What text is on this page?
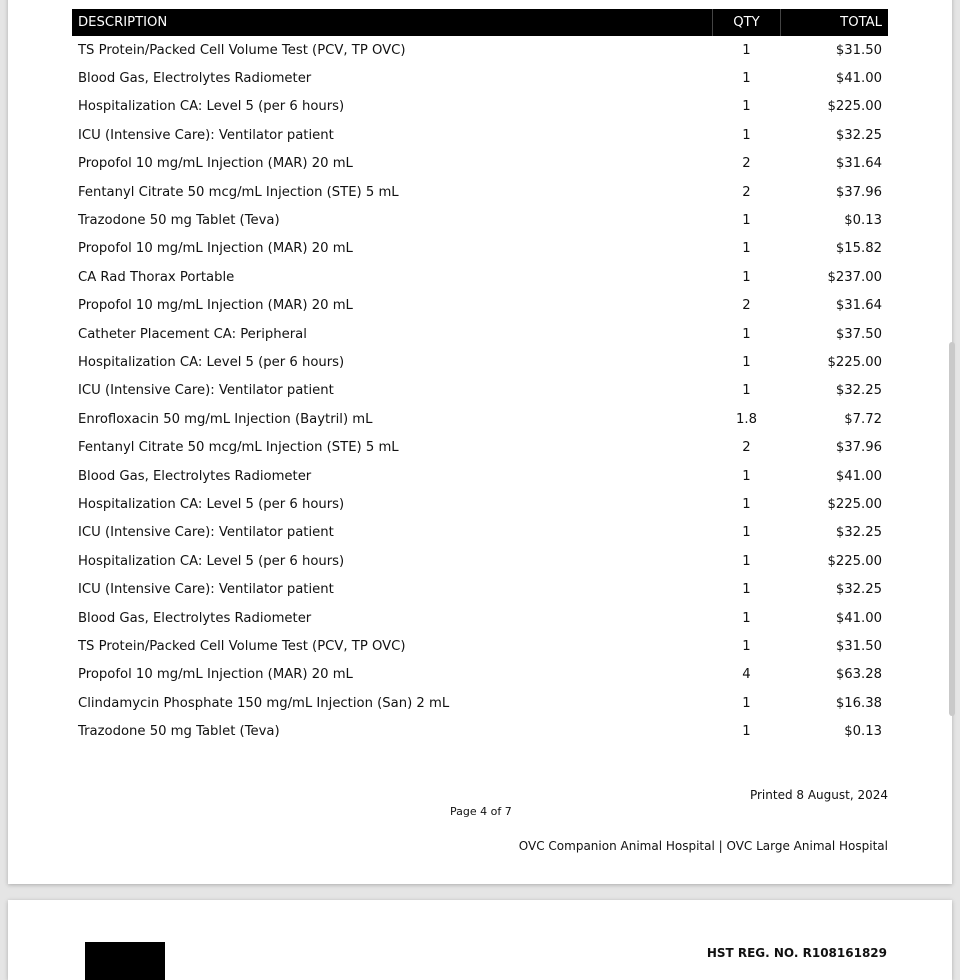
DESCRIPTION	QTY	TOTAL
TS Protein/Packed Cell Volume Test (PCV, TP OVC)	1	$31.50
Blood Gas, Electrolytes Radiometer	1	$41.00
Hospitalization CA: Level 5 (per 6 hours)	1	$225.00
ICU (Intensive Care): Ventilator patient	1	$32.25
Propofol 10 mg/mL Injection (MAR) 20 mL	2	$31.64
Fentanyl Citrate 50 mcg/mL Injection (STE) 5 mL	2	$37.96
Trazodone 50 mg Tablet (Teva)	1	$0.13
Propofol 10 mg/mL Injection (MAR) 20 mL	1	$15.82
CA Rad Thorax Portable	1	$237.00
Propofol 10 mg/mL Injection (MAR) 20 mL	2	$31.64
Catheter Placement CA: Peripheral	1	$37.50
Hospitalization CA: Level 5 (per 6 hours)	1	$225.00
ICU (Intensive Care): Ventilator patient	1	$32.25
Enrofloxacin 50 mg/mL Injection (Baytril) mL	1.8	$7.72
Fentanyl Citrate 50 mcg/mL Injection (STE) 5 mL	2	$37.96
Blood Gas, Electrolytes Radiometer	1	$41.00
Hospitalization CA: Level 5 (per 6 hours)	1	$225.00
ICU (Intensive Care): Ventilator patient	1	$32.25
Hospitalization CA: Level 5 (per 6 hours)	1	$225.00
ICU (Intensive Care): Ventilator patient	1	$32.25
Blood Gas, Electrolytes Radiometer	1	$41.00
TS Protein/Packed Cell Volume Test (PCV, TP OVC)	1	$31.50
Propofol 10 mg/mL Injection (MAR) 20 mL	4	$63.28
Clindamycin Phosphate 150 mg/mL Injection (San) 2 mL	1	$16.38
Trazodone 50 mg Tablet (Teva)	1	$0.13
Printed 8 August, 2024
Page 4 of 7
OVC Companion Animal Hospital | OVC Large Animal Hospital
HST REG. NO. R108161829
